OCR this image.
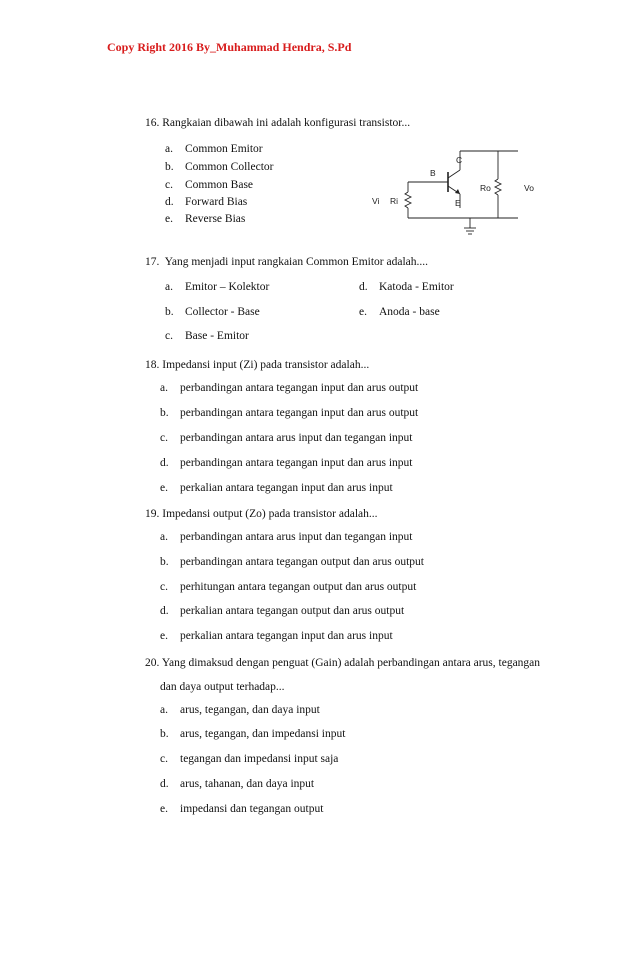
Copy Right 2016 By_Muhammad Hendra, S.Pd
16. Rangkaian dibawah ini adalah konfigurasi transistor...
a. Common Emitor
b. Common Collector
c. Common Base
d. Forward Bias
e. Reverse Bias
C
B
E
Vi Ri
Ro	Vo
17. Yang menjadi input rangkaian Common Emitor adalah....
a. Emitor – Kolektor
b. Collector - Base
c. Base - Emitor
d. Katoda - Emitor
e. Anoda - base
18. Impedansi input (Zi) pada transistor adalah...
a. perbandingan antara tegangan input dan arus output
b. perbandingan antara tegangan input dan arus output
c. perbandingan antara arus input dan tegangan input
d. perbandingan antara tegangan input dan arus input
e. perkalian antara tegangan input dan arus input
19. Impedansi output (Zo) pada transistor adalah...
a. perbandingan antara arus input dan tegangan input
b. perbandingan antara tegangan output dan arus output
c. perhitungan antara tegangan output dan arus output
d. perkalian antara tegangan output dan arus output
e. perkalian antara tegangan input dan arus input
20. Yang dimaksud dengan penguat (Gain) adalah perbandingan antara arus, tegangan
dan daya output terhadap...
a. arus, tegangan, dan daya input
b. arus, tegangan, dan impedansi input
c. tegangan dan impedansi input saja
d. arus, tahanan, dan daya input
e. impedansi dan tegangan output
